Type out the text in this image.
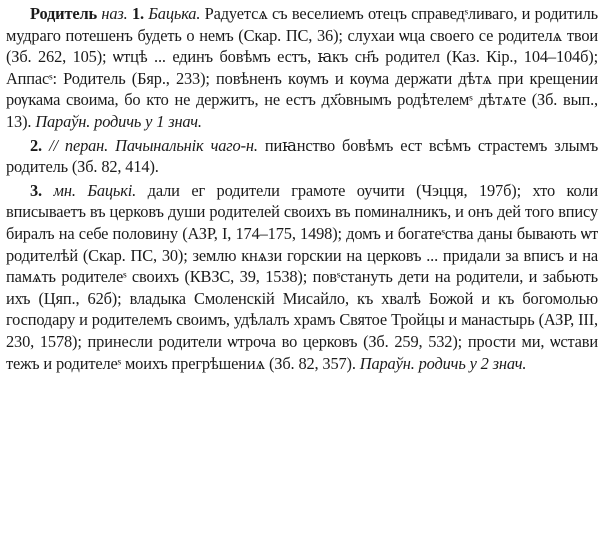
Родитель наз. 1. Бацька. Радуетсѧ съ веселиемъ отецъ справедˢливаго, и родитиль мудраго потешенъ будеть о немъ (Скар. ПС, 36); слухаи ѡца своего се родителѧ твои (Зб. 262, 105); ѡтцѣ ... единъ бовѣмъ естъ, ꙗкъ сн҃ъ родител (Каз. Кір., 104–104б); Аппасˢ: Родитель (Бяр., 233); повѣненъ кѹмъ и кѹма держати дѣтѧ при крещении рѹкама своима, бо кто не держитъ, не естъ дх҃овнымъ родѣтелемˢ дѣтѧте (Зб. вып., 13). Параўн. родичь у 1 знач.

2. // перан. Пачынальнік чаго-н. пиꙗнство бовѣмъ ест всѣмъ страстемъ злымъ родитель (Зб. 82, 414).

3. мн. Бацькі. дали ег родители грамоте оучити (Чэцця, 197б); хто коли вписываетъ въ церковъ души родителей своихъ въ поминалникъ, и онъ дей того впису биралъ на себе половину (АЗР, I, 174–175, 1498); домъ и богатеˢства даны бывають ѡт родителѣй (Скар. ПС, 30); землю кнѧзи горскии на церковъ ... придали за вписъ и на памѧть родителеˢ своихъ (КВЗС, 39, 1538); повˢстануть дети на родители, и забьють ихъ (Цяп., 62б); владыка Смоленскій Мисайло, къ хвалѣ Божой и къ богомолью господару и родителемъ своимъ, удѣлалъ храмъ Святое Тройцы и манастырь (АЗР, III, 230, 1578); принесли родители ѡтроча во церковъ (Зб. 259, 532); прости ми, ѡстави тежъ и родителеˢ моихъ прегрѣшениѧ (Зб. 82, 357). Параўн. родичь у 2 знач.
